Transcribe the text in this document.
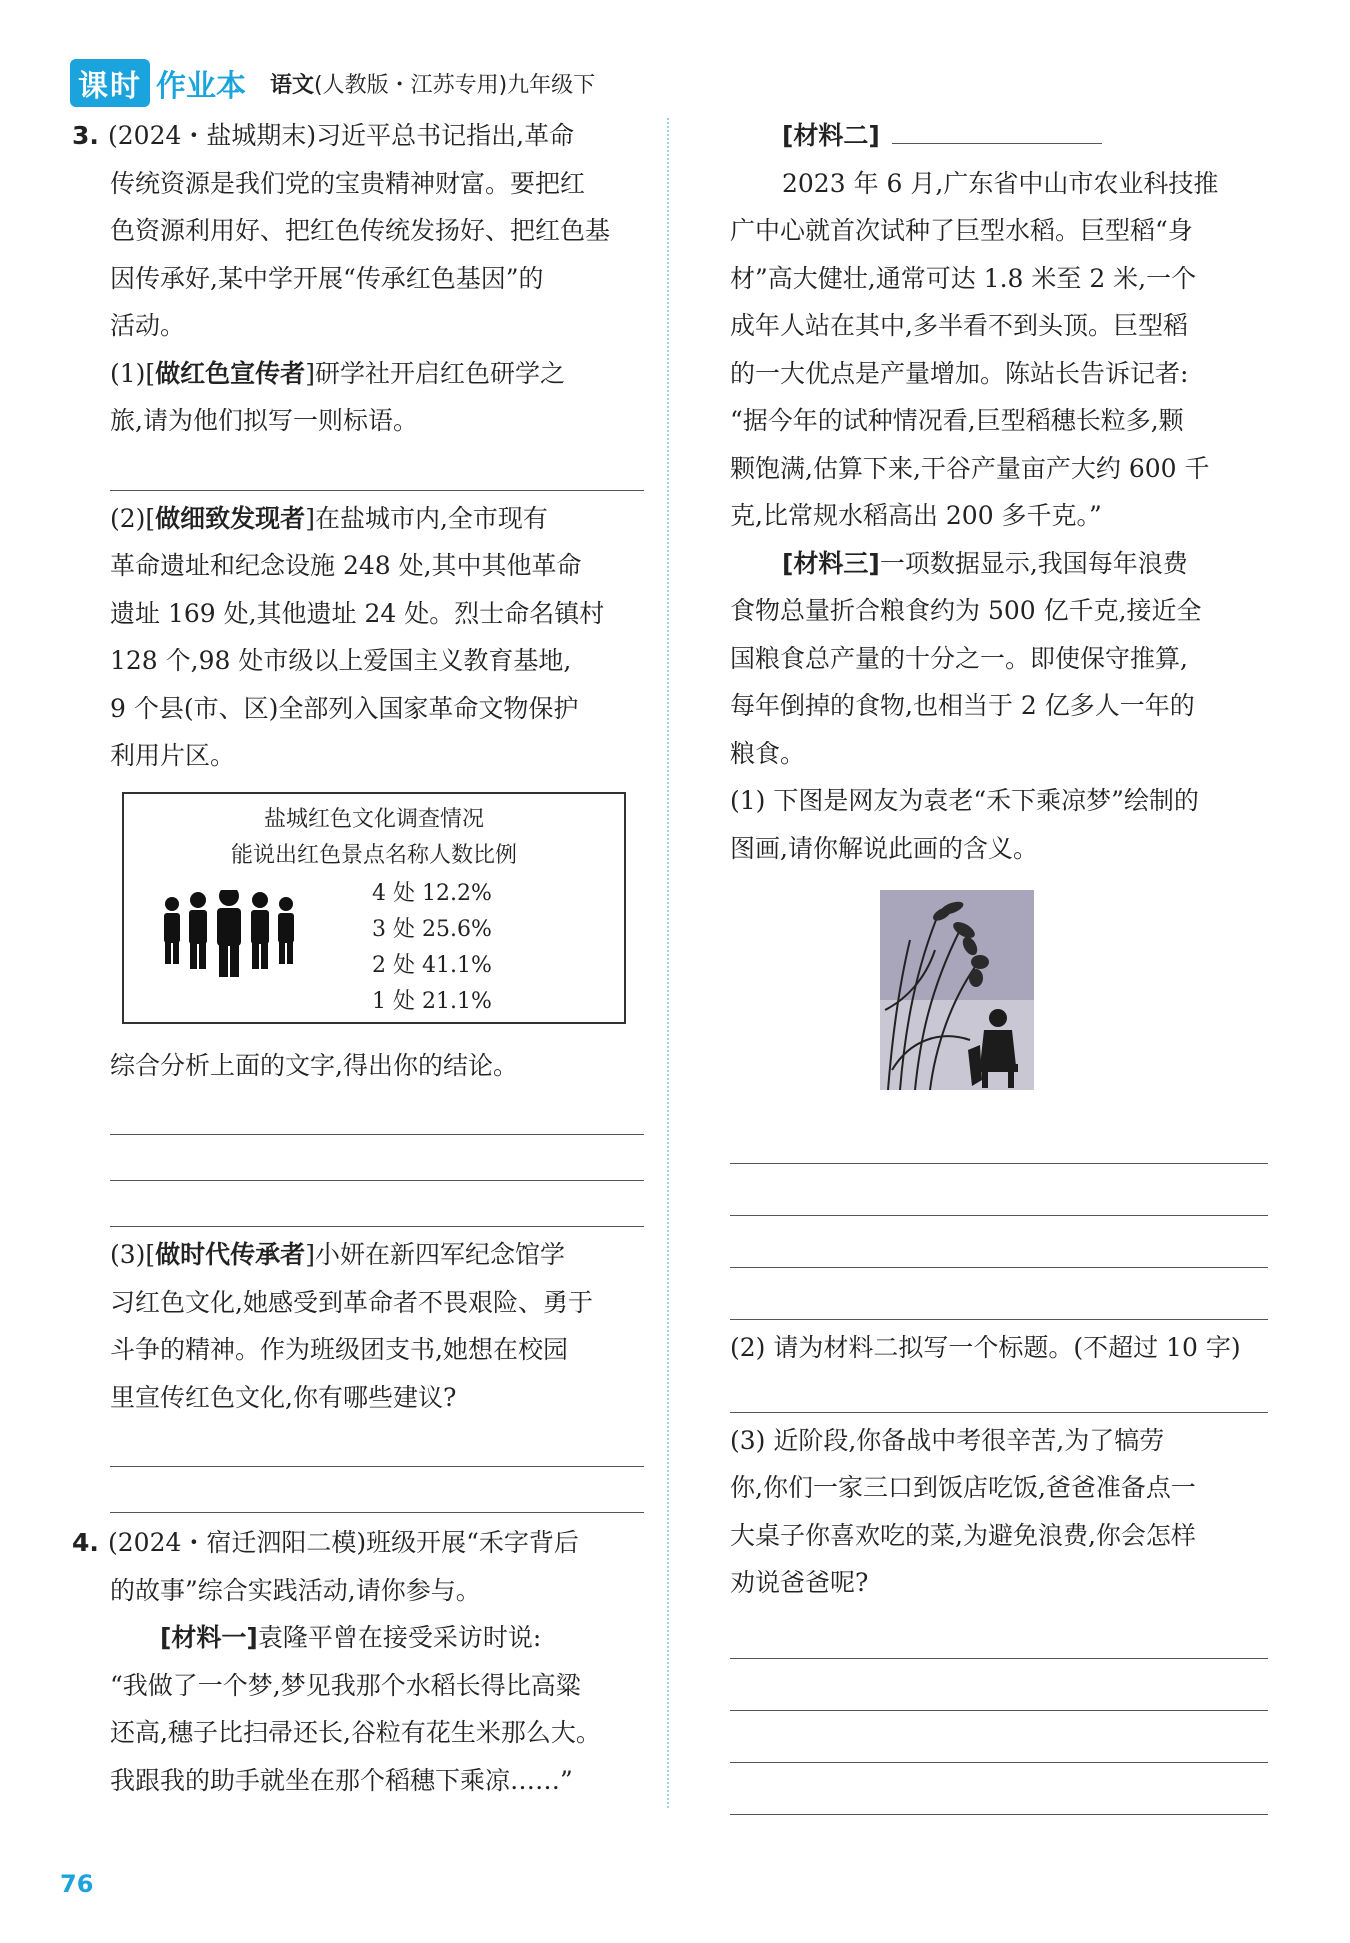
课时 作业本 语文(人教版・江苏专用)九年级下

3. (2024・盐城期末)习近平总书记指出,革命

传统资源是我们党的宝贵精神财富。要把红

色资源利用好、把红色传统发扬好、把红色基

因传承好,某中学开展“传承红色基因”的

活动。

(1)[做红色宣传者]研学社开启红色研学之

旅,请为他们拟写一则标语。

(2)[做细致发现者]在盐城市内,全市现有

革命遗址和纪念设施 248 处,其中其他革命

遗址 169 处,其他遗址 24 处。烈士命名镇村

128 个,98 处市级以上爱国主义教育基地,

9 个县(市、区)全部列入国家革命文物保护

利用片区。

盐城红色文化调查情况
能说出红色景点名称人数比例
4 处 12.2%
3 处 25.6%
2 处 41.1%
1 处 21.1%

综合分析上面的文字,得出你的结论。

(3)[做时代传承者]小妍在新四军纪念馆学

习红色文化,她感受到革命者不畏艰险、勇于

斗争的精神。作为班级团支书,她想在校园

里宣传红色文化,你有哪些建议?

4. (2024・宿迁泗阳二模)班级开展“禾字背后

的故事”综合实践活动,请你参与。

[材料一]袁隆平曾在接受采访时说:

“我做了一个梦,梦见我那个水稻长得比高粱

还高,穗子比扫帚还长,谷粒有花生米那么大。

我跟我的助手就坐在那个稻穗下乘凉……”

[材料二]

2023 年 6 月,广东省中山市农业科技推

广中心就首次试种了巨型水稻。巨型稻“身

材”高大健壮,通常可达 1.8 米至 2 米,一个

成年人站在其中,多半看不到头顶。巨型稻

的一大优点是产量增加。陈站长告诉记者:

“据今年的试种情况看,巨型稻穗长粒多,颗

颗饱满,估算下来,干谷产量亩产大约 600 千

克,比常规水稻高出 200 多千克。”

[材料三]一项数据显示,我国每年浪费

食物总量折合粮食约为 500 亿千克,接近全

国粮食总产量的十分之一。即使保守推算,

每年倒掉的食物,也相当于 2 亿多人一年的

粮食。

(1) 下图是网友为袁老“禾下乘凉梦”绘制的

图画,请你解说此画的含义。

(2) 请为材料二拟写一个标题。(不超过 10 字)

(3) 近阶段,你备战中考很辛苦,为了犒劳

你,你们一家三口到饭店吃饭,爸爸准备点一

大桌子你喜欢吃的菜,为避免浪费,你会怎样

劝说爸爸呢?

76
